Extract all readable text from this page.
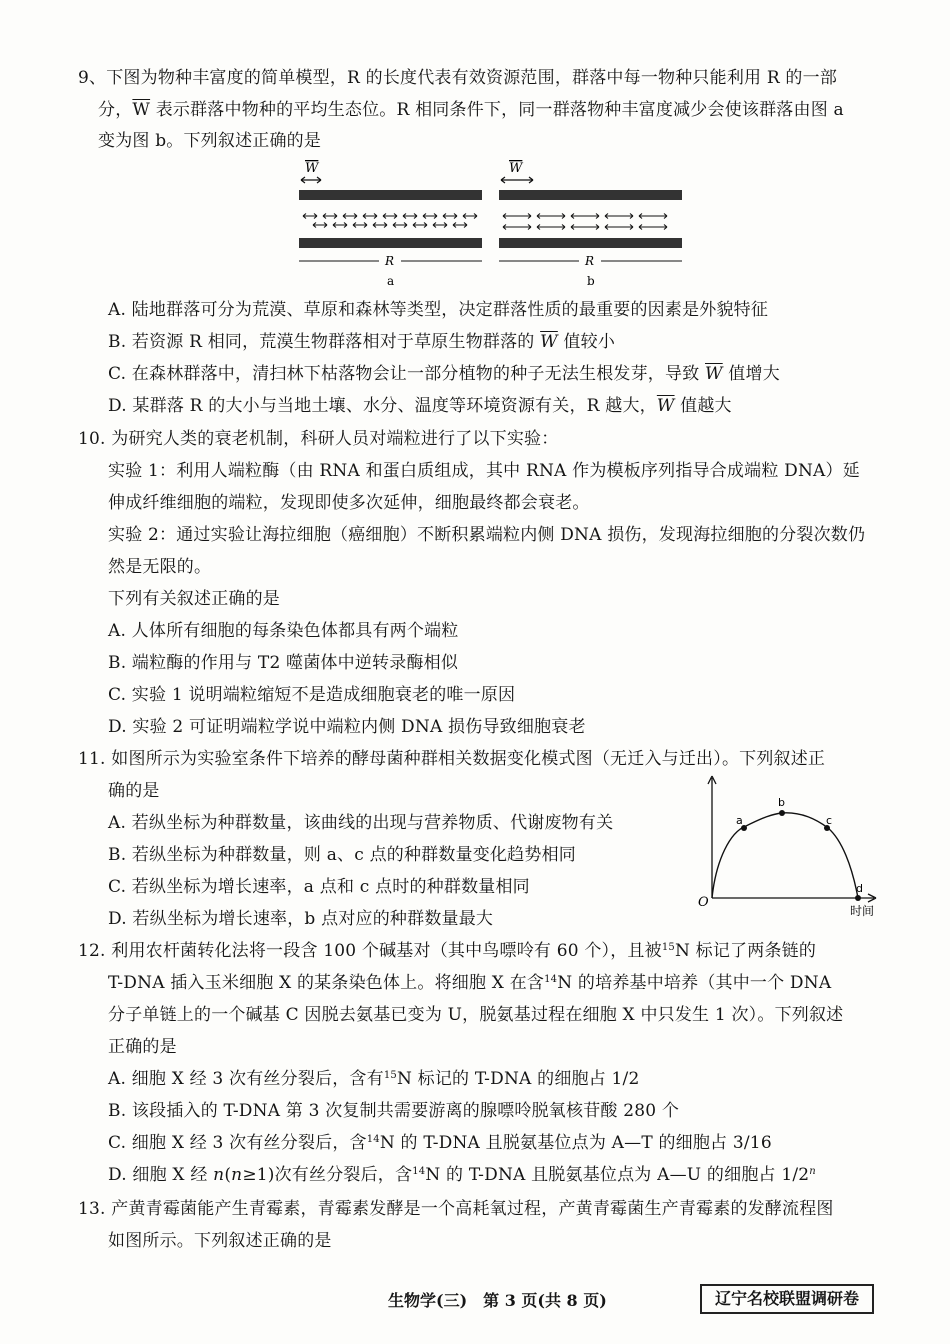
9、下图为物种丰富度的简单模型，R 的长度代表有效资源范围，群落中每一物种只能利用 R 的一部
分，$\overline{W}$ 表示群落中物种的平均生态位。R 相同条件下，同一群落物种丰富度减少会使该群落由图 a
变为图 b。下列叙述正确的是
W
R
a
W
R
b
A. 陆地群落可分为荒漠、草原和森林等类型，决定群落性质的最重要的因素是外貌特征
B. 若资源 R 相同，荒漠生物群落相对于草原生物群落的 $\overline{W}$ 值较小
C. 在森林群落中，清扫林下枯落物会让一部分植物的种子无法生根发芽，导致 $\overline{W}$ 值增大
D. 某群落 R 的大小与当地土壤、水分、温度等环境资源有关，R 越大，$\overline{W}$ 值越大
10. 为研究人类的衰老机制，科研人员对端粒进行了以下实验：
实验 1：利用人端粒酶（由 RNA 和蛋白质组成，其中 RNA 作为模板序列指导合成端粒 DNA）延
伸成纤维细胞的端粒，发现即使多次延伸，细胞最终都会衰老。
实验 2：通过实验让海拉细胞（癌细胞）不断积累端粒内侧 DNA 损伤，发现海拉细胞的分裂次数仍
然是无限的。
下列有关叙述正确的是
A. 人体所有细胞的每条染色体都具有两个端粒
B. 端粒酶的作用与 T2 噬菌体中逆转录酶相似
C. 实验 1 说明端粒缩短不是造成细胞衰老的唯一原因
D. 实验 2 可证明端粒学说中端粒内侧 DNA 损伤导致细胞衰老
11. 如图所示为实验室条件下培养的酵母菌种群相关数据变化模式图（无迁入与迁出）。下列叙述正
确的是
A. 若纵坐标为种群数量，该曲线的出现与营养物质、代谢废物有关
B. 若纵坐标为种群数量，则 a、c 点的种群数量变化趋势相同
C. 若纵坐标为增长速率，a 点和 c 点时的种群数量相同
D. 若纵坐标为增长速率，b 点对应的种群数量最大
a
b
c
d
O
时间
12. 利用农杆菌转化法将一段含 100 个碱基对（其中鸟嘌呤有 60 个），且被$^{15}$N 标记了两条链的
T-DNA 插入玉米细胞 X 的某条染色体上。将细胞 X 在含$^{14}$N 的培养基中培养（其中一个 DNA
分子单链上的一个碱基 C 因脱去氨基已变为 U，脱氨基过程在细胞 X 中只发生 1 次）。下列叙述
正确的是
A. 细胞 X 经 3 次有丝分裂后，含有$^{15}$N 标记的 T-DNA 的细胞占 1/2
B. 该段插入的 T-DNA 第 3 次复制共需要游离的腺嘌呤脱氧核苷酸 280 个
C. 细胞 X 经 3 次有丝分裂后，含$^{14}$N 的 T-DNA 且脱氨基位点为 A—T 的细胞占 3/16
D. 细胞 X 经 n(n≥1)次有丝分裂后，含$^{14}$N 的 T-DNA 且脱氨基位点为 A—U 的细胞占 1/2$^n$
13. 产黄青霉菌能产生青霉素，青霉素发酵是一个高耗氧过程，产黄青霉菌生产青霉素的发酵流程图
如图所示。下列叙述正确的是
生物学(三)　第 3 页(共 8 页)	辽宁名校联盟调研卷
